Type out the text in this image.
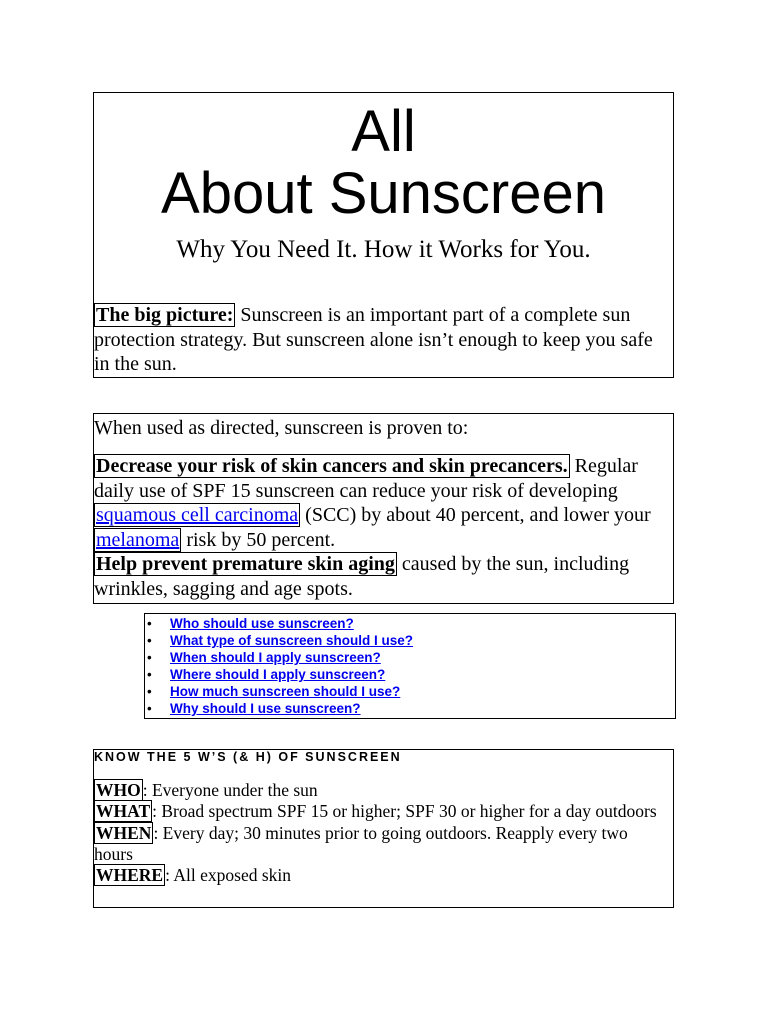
All
About Sunscreen
Why You Need It. How it Works for You.
The big picture: Sunscreen is an important part of a complete sun protection strategy. But sunscreen alone isn’t enough to keep you safe in the sun.
When used as directed, sunscreen is proven to:
Decrease your risk of skin cancers and skin precancers. Regular daily use of SPF 15 sunscreen can reduce your risk of developing squamous cell carcinoma (SCC) by about 40 percent, and lower your melanoma risk by 50 percent.
Help prevent premature skin aging caused by the sun, including wrinkles, sagging and age spots.
• Who should use sunscreen?
• What type of sunscreen should I use?
• When should I apply sunscreen?
• Where should I apply sunscreen?
• How much sunscreen should I use?
• Why should I use sunscreen?
KNOW THE 5 W’S (& H) OF SUNSCREEN
WHO : Everyone under the sun
WHAT : Broad spectrum SPF 15 or higher; SPF 30 or higher for a day outdoors
WHEN : Every day; 30 minutes prior to going outdoors. Reapply every two hours
WHERE : All exposed skin
